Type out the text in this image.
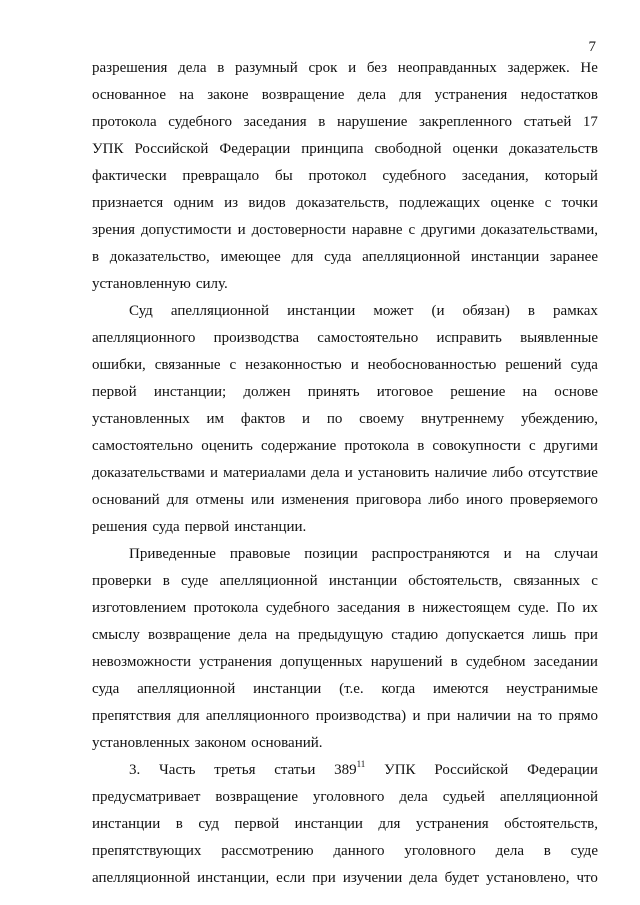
7
разрешения дела в разумный срок и без неоправданных задержек. Не
основанное на законе возвращение дела для устранения недостатков
протокола судебного заседания в нарушение закрепленного статьей 17
УПК Российской Федерации принципа свободной оценки доказательств
фактически превращало бы протокол судебного заседания, который
признается одним из видов доказательств, подлежащих оценке с точки
зрения допустимости и достоверности наравне с другими доказательствами,
в доказательство, имеющее для суда апелляционной инстанции заранее
установленную силу.
Суд апелляционной инстанции может (и обязан) в рамках
апелляционного производства самостоятельно исправить выявленные
ошибки, связанные с незаконностью и необоснованностью решений суда
первой инстанции; должен принять итоговое решение на основе
установленных им фактов и по своему внутреннему убеждению,
самостоятельно оценить содержание протокола в совокупности с другими
доказательствами и материалами дела и установить наличие либо отсутствие
оснований для отмены или изменения приговора либо иного проверяемого
решения суда первой инстанции.
Приведенные правовые позиции распространяются и на случаи
проверки в суде апелляционной инстанции обстоятельств, связанных с
изготовлением протокола судебного заседания в нижестоящем суде. По их
смыслу возвращение дела на предыдущую стадию допускается лишь при
невозможности устранения допущенных нарушений в судебном заседании
суда апелляционной инстанции (т.е. когда имеются неустранимые
препятствия для апелляционного производства) и при наличии на то прямо
установленных законом оснований.
3. Часть третья статьи $389^{11}$ УПК Российской Федерации
предусматривает возвращение уголовного дела судьей апелляционной
инстанции в суд первой инстанции для устранения обстоятельств,
препятствующих рассмотрению данного уголовного дела в суде
апелляционной инстанции, если при изучении дела будет установлено, что
